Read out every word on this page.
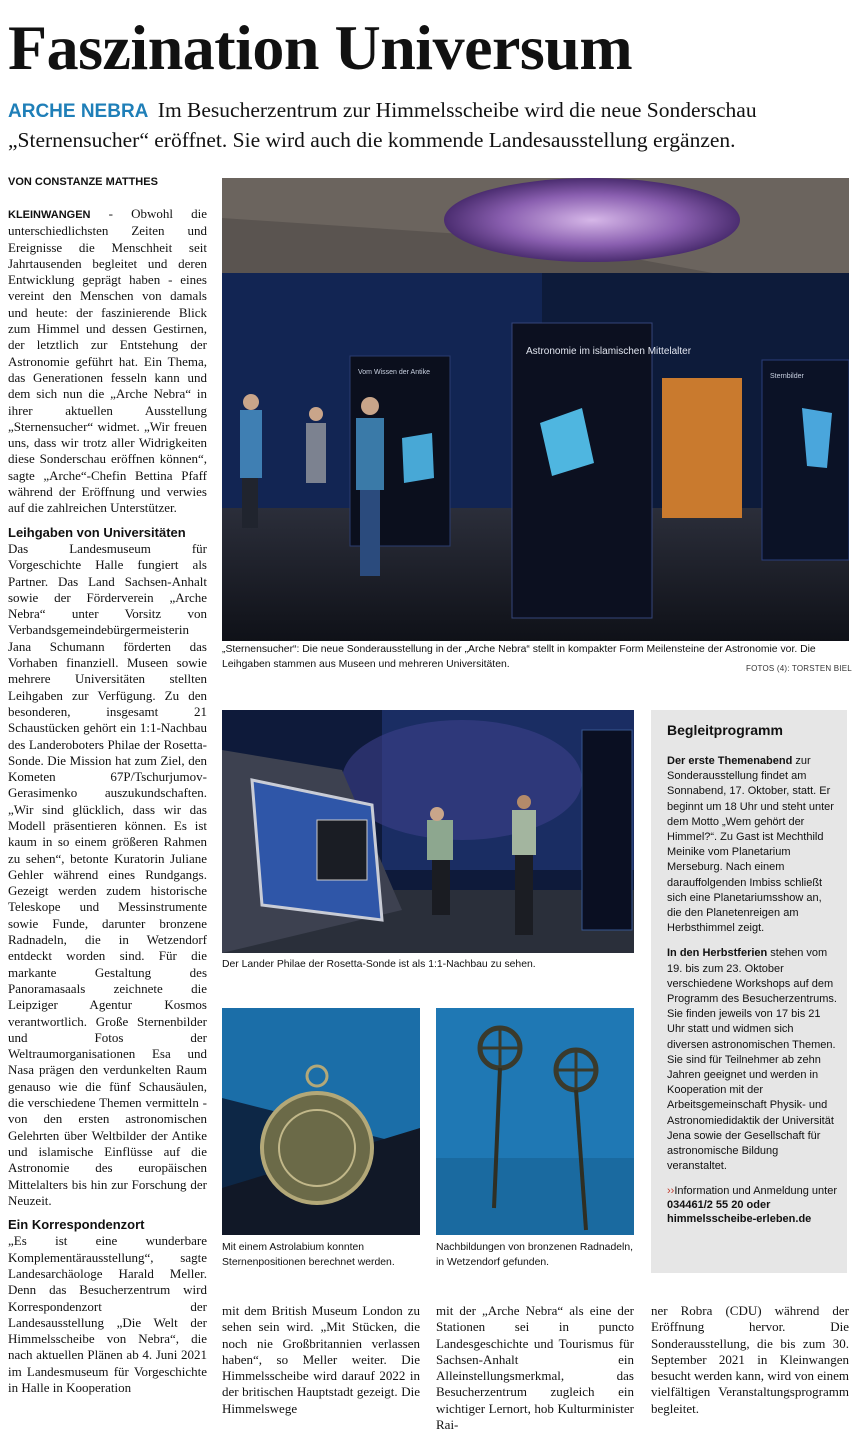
Faszination Universum
ARCHE NEBRA Im Besucherzentrum zur Himmelsscheibe wird die neue Sonderschau „Sternensucher“ eröffnet. Sie wird auch die kommende Landesausstellung ergänzen.
VON CONSTANZE MATTHES

KLEINWANGEN - Obwohl die unterschiedlichsten Zeiten und Ereignisse die Menschheit seit Jahrtausenden begleitet und deren Entwicklung geprägt haben - eines vereint den Menschen von damals und heute: der faszinierende Blick zum Himmel und dessen Gestirnen, der letztlich zur Entstehung der Astronomie geführt hat. Ein Thema, das Generationen fesseln kann und dem sich nun die „Arche Nebra“ in ihrer aktuellen Ausstellung „Sternensucher“ widmet. „Wir freuen uns, dass wir trotz aller Widrigkeiten diese Sonderschau eröffnen können“, sagte „Arche“-Chefin Bettina Pfaff während der Eröffnung und verwies auf die zahlreichen Unterstützer.

Leihgaben von Universitäten

Das Landesmuseum für Vorgeschichte Halle fungiert als Partner. Das Land Sachsen-Anhalt sowie der Förderverein „Arche Nebra“ unter Vorsitz von Verbandsgemeindebürgermeisterin Jana Schumann förderten das Vorhaben finanziell. Museen sowie mehrere Universitäten stellten Leihgaben zur Verfügung. Zu den besonderen, insgesamt 21 Schaustücken gehört ein 1:1-Nachbau des Landeroboters Philae der Rosetta-Sonde. Die Mission hat zum Ziel, den Kometen 67P/Tschurjumov-Gerasimenko auszukundschaften. „Wir sind glücklich, dass wir das Modell präsentieren können. Es ist kaum in so einem größeren Rahmen zu sehen“, betonte Kuratorin Juliane Gehler während eines Rundgangs. Gezeigt werden zudem historische Teleskope und Messinstrumente sowie Funde, darunter bronzene Radnadeln, die in Wetzendorf entdeckt worden sind. Für die markante Gestaltung des Panoramasaals zeichnete die Leipziger Agentur Kosmos verantwortlich. Große Sternenbilder und Fotos der Weltraumorganisationen Esa und Nasa prägen den verdunkelten Raum genauso wie die fünf Schausäulen, die verschiedene Themen vermitteln - von den ersten astronomischen Gelehrten über Weltbilder der Antike und islamische Einflüsse auf die Astronomie des europäischen Mittelalters bis hin zur Forschung der Neuzeit.

Ein Korrespondenzort

„Es ist eine wunderbare Komplementärausstellung“, sagte Landesarchäologe Harald Meller. Denn das Besucherzentrum wird Korrespondenzort der Landesausstellung „Die Welt der Himmelsscheibe von Nebra“, die nach aktuellen Plänen ab 4. Juni 2021 im Landesmuseum für Vorgeschichte in Halle in Kooperation

Astronomie im islamischen Mittelalter
Vom Wissen der Antike
Sternbilder
„Sternensucher“: Die neue Sonderausstellung in der „Arche Nebra“ stellt in kompakter Form Meilensteine der Astronomie vor. Die Leihgaben stammen aus Museen und mehreren Universitäten.	FOTOS (4): TORSTEN BIEL
Der Lander Philae der Rosetta-Sonde ist als 1:1-Nachbau zu sehen.
Mit einem Astrolabium konnten Sternenpositionen berechnet werden.
Nachbildungen von bronzenen Radnadeln, in Wetzendorf gefunden.
Begleitprogramm

Der erste Themenabend zur Sonderausstellung findet am Sonnabend, 17. Oktober, statt. Er beginnt um 18 Uhr und steht unter dem Motto „Wem gehört der Himmel?“. Zu Gast ist Mechthild Meinike vom Planetarium Merseburg. Nach einem darauffolgenden Imbiss schließt sich eine Planetariumsshow an, die den Planetenreigen am Herbsthimmel zeigt.

In den Herbstferien stehen vom 19. bis zum 23. Oktober verschiedene Workshops auf dem Programm des Besucherzentrums. Sie finden jeweils von 17 bis 21 Uhr statt und widmen sich diversen astronomischen Themen. Sie sind für Teilnehmer ab zehn Jahren geeignet und werden in Kooperation mit der Arbeitsgemeinschaft Physik- und Astronomiedidaktik der Universität Jena sowie der Gesellschaft für astronomische Bildung veranstaltet.

››Information und Anmeldung unter 034461/2 55 20 oder
himmelsscheibe-erleben.de

mit dem British Museum London zu sehen sein wird. „Mit Stücken, die noch nie Großbritannien verlassen haben“, so Meller weiter. Die Himmelsscheibe wird darauf 2022 in der britischen Hauptstadt gezeigt. Die Himmelswege

mit der „Arche Nebra“ als eine der Stationen sei in puncto Landesgeschichte und Tourismus für Sachsen-Anhalt ein Alleinstellungsmerkmal, das Besucherzentrum zugleich ein wichtiger Lernort, hob Kulturminister Rai-

ner Robra (CDU) während der Eröffnung hervor. Die Sonderausstellung, die bis zum 30. September 2021 in Kleinwangen besucht werden kann, wird von einem vielfältigen Veranstaltungsprogramm begleitet.
